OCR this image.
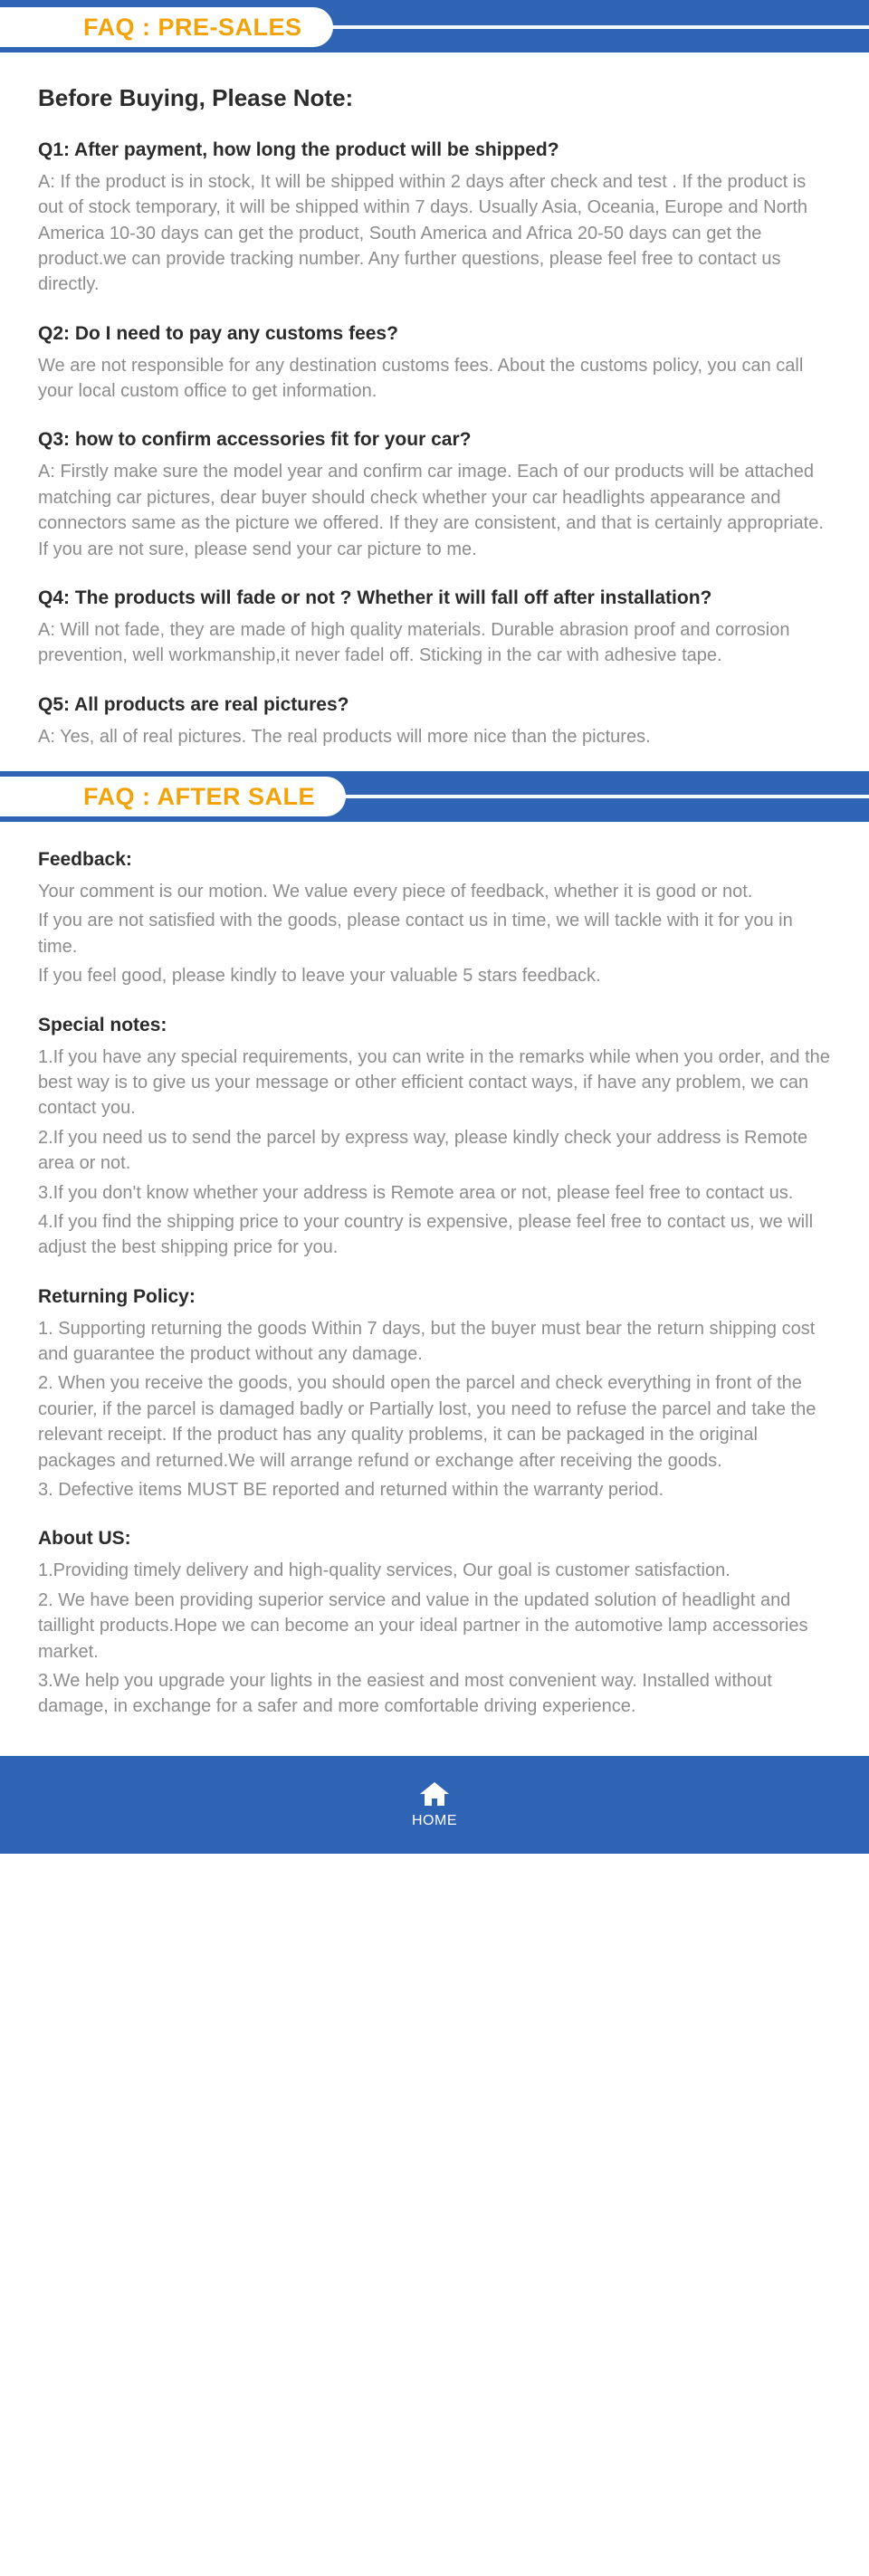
FAQ : PRE-SALES
Before Buying, Please Note:
Q1: After payment, how long the product will be shipped?

A: If the product is in stock, It will be shipped within 2 days after check and test . If the product is out of stock temporary, it will be shipped within 7 days. Usually Asia, Oceania, Europe and North America 10-30 days can get the product, South America and Africa 20-50 days can get the product.we can provide tracking number. Any further questions, please feel free to contact us directly.

Q2: Do I need to pay any customs fees?

We are not responsible for any destination customs fees. About the customs policy, you can call your local custom office to get information.

Q3: how to confirm accessories fit for your car?

A: Firstly make sure the model year and confirm car image. Each of our products will be attached matching car pictures, dear buyer should check whether your car headlights appearance and connectors same as the picture we offered. If they are consistent, and that is certainly appropriate. If you are not sure, please send your car picture to me.

Q4: The products will fade or not ? Whether it will fall off after installation?

A: Will not fade, they are made of high quality materials. Durable abrasion proof and corrosion prevention, well workmanship,it never fadel off. Sticking in the car with adhesive tape.

Q5: All products are real pictures?

A: Yes, all of real pictures. The real products will more nice than the pictures.

FAQ : AFTER SALE
Feedback:

Your comment is our motion. We value every piece of feedback, whether it is good or not.

If you are not satisfied with the goods, please contact us in time, we will tackle with it for you in time.

If you feel good, please kindly to leave your valuable 5 stars feedback.

Special notes:

1.If you have any special requirements, you can write in the remarks while when you order, and the best way is to give us your message or other efficient contact ways, if have any problem, we can contact you.

2.If you need us to send the parcel by express way, please kindly check your address is Remote area or not.

3.If you don't know whether your address is Remote area or not, please feel free to contact us.

4.If you find the shipping price to your country is expensive, please feel free to contact us, we will adjust the best shipping price for you.

Returning Policy:

1. Supporting returning the goods Within 7 days, but the buyer must bear the return shipping cost and guarantee the product without any damage.

2. When you receive the goods, you should open the parcel and check everything in front of the courier, if the parcel is damaged badly or Partially lost, you need to refuse the parcel and take the relevant receipt. If the product has any quality problems, it can be packaged in the original packages and returned.We will arrange refund or exchange after receiving the goods.

3. Defective items MUST BE reported and returned within the warranty period.

About US:

1.Providing timely delivery and high-quality services, Our goal is customer satisfaction.

2. We have been providing superior service and value in the updated solution of headlight and taillight products.Hope we can become an your ideal partner in the automotive lamp accessories market.

3.We help you upgrade your lights in the easiest and most convenient way. Installed without damage, in exchange for a safer and more comfortable driving experience.

HOME
